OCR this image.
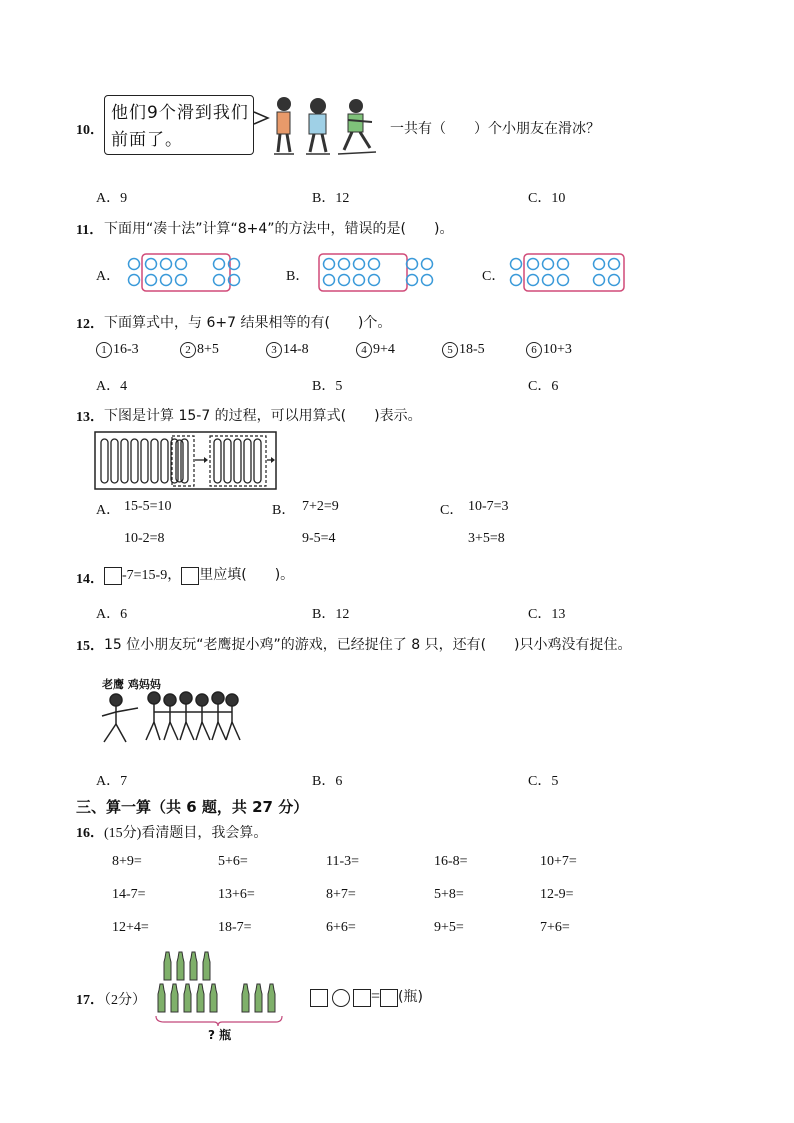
10．
他们9个滑到我们
前面了。
一共有（　　）个小朋友在滑冰？
A．9	B．12	C．10
11． 下面用“凑十法”计算“8+4”的方法中，错误的是(　　)。
A．	B．	C．
12． 下面算式中，与 6+7 结果相等的有(　　)个。
1 16-3	2 8+5	3 14-8	4 9+4	5 18-5	6 10+3
A．4	B．5	C．6
13． 下图是计算 15-7 的过程，可以用算式(　　)表示。
A． 15-5=10
10-2=8
B． 7+2=9
9-5=4
C． 10-7=3
3+5=8
14．	-7=15-9， 里应填(　　)。
A．6	B．12	C．13
15． 15 位小朋友玩“老鹰捉小鸡”的游戏，已经捉住了 8 只，还有(　　)只小鸡没有捉住。
老鹰 鸡妈妈
A．7	B．6	C．5
三、算一算（共 6 题，共 27 分）
16．(15分)看清题目，我会算。
8+9=	5+6=	11-3=	16-8=	10+7=
14-7=	13+6=	8+7=	5+8=	12-9=
12+4=	18-7=	6+6=	9+5=	7+6=
17．（2分）
? 瓶
= (瓶)
